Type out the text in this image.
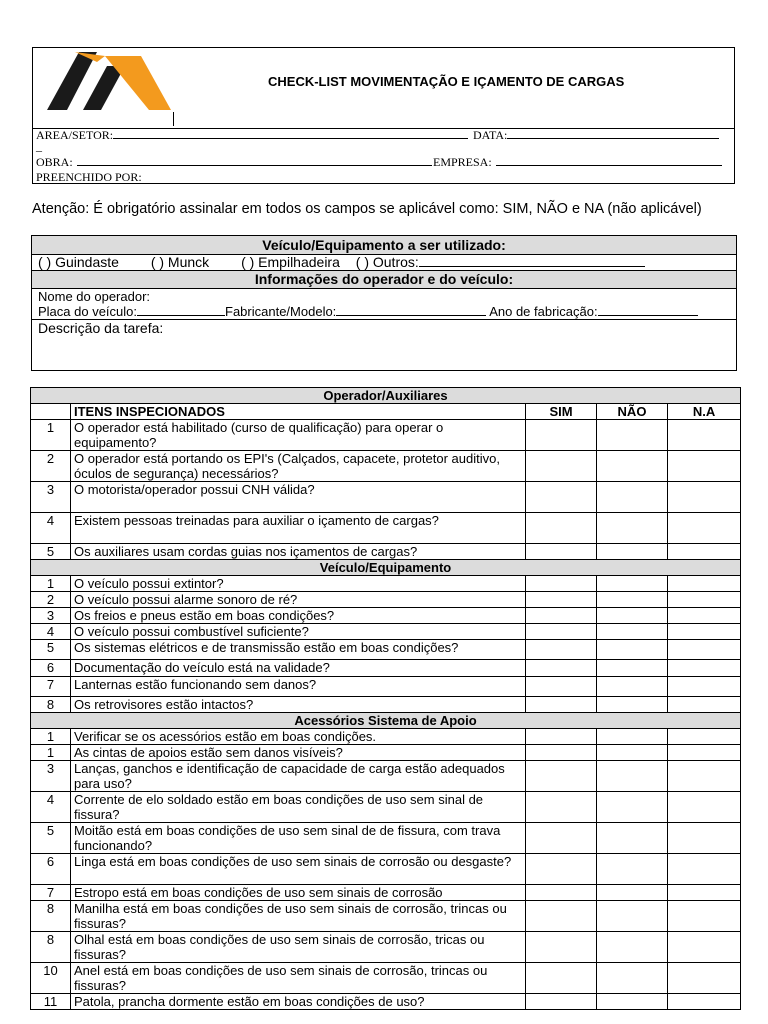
CHECK-LIST MOVIMENTAÇÃO E IÇAMENTO DE CARGAS
AREA/SETOR:	DATA:
_
OBRA:	EMPRESA:
PREENCHIDO POR:
Atenção: É obrigatório assinalar em todos os campos se aplicável como: SIM, NÃO e NA (não aplicável)
Veículo/Equipamento a ser utilizado:
( ) Guindaste ( ) Munck ( ) Empilhadeira ( ) Outros:
Informações do operador e do veículo:
Nome do operador:
Placa do veículo:	Fabricante/Modelo:	Ano de fabricação:
Descrição da tarefa:
Operador/Auxiliares				
	ITENS INSPECIONADOS	SIM	NÃO	N.A
1	O operador está habilitado (curso de qualificação) para operar o equipamento?			
2	O operador está portando os EPI's (Calçados, capacete, protetor auditivo, óculos de segurança) necessários?			
3	O motorista/operador possui CNH válida?			
4	Existem pessoas treinadas para auxiliar o içamento de cargas?			
5	Os auxiliares usam cordas guias nos içamentos de cargas?			
Veículo/Equipamento				
1	O veículo possui extintor?			
2	O veículo possui alarme sonoro de ré?			
3	Os freios e pneus estão em boas condições?			
4	O veículo possui combustível suficiente?			
5	Os sistemas elétricos e de transmissão estão em boas condições?			
6	Documentação do veículo está na validade?			
7	Lanternas estão funcionando sem danos?			
8	Os retrovisores estão intactos?			
Acessórios Sistema de Apoio				
1	Verificar se os acessórios estão em boas condições.			
1	As cintas de apoios estão sem danos visíveis?			
3	Lanças, ganchos e identificação de capacidade de carga estão adequados para uso?			
4	Corrente de elo soldado estão em boas condições de uso sem sinal de fissura?			
5	Moitão está em boas condições de uso sem sinal de de fissura, com trava funcionando?			
6	Linga está em boas condições de uso sem sinais de corrosão ou desgaste?			
7	Estropo está em boas condições de uso sem sinais de corrosão			
8	Manilha está em boas condições de uso sem sinais de corrosão, trincas ou fissuras?			
8	Olhal está em boas condições de uso sem sinais de corrosão, tricas ou fissuras?			
10	Anel está em boas condições de uso sem sinais de corrosão, trincas ou fissuras?			
11	Patola, prancha dormente estão em boas condições de uso?			
